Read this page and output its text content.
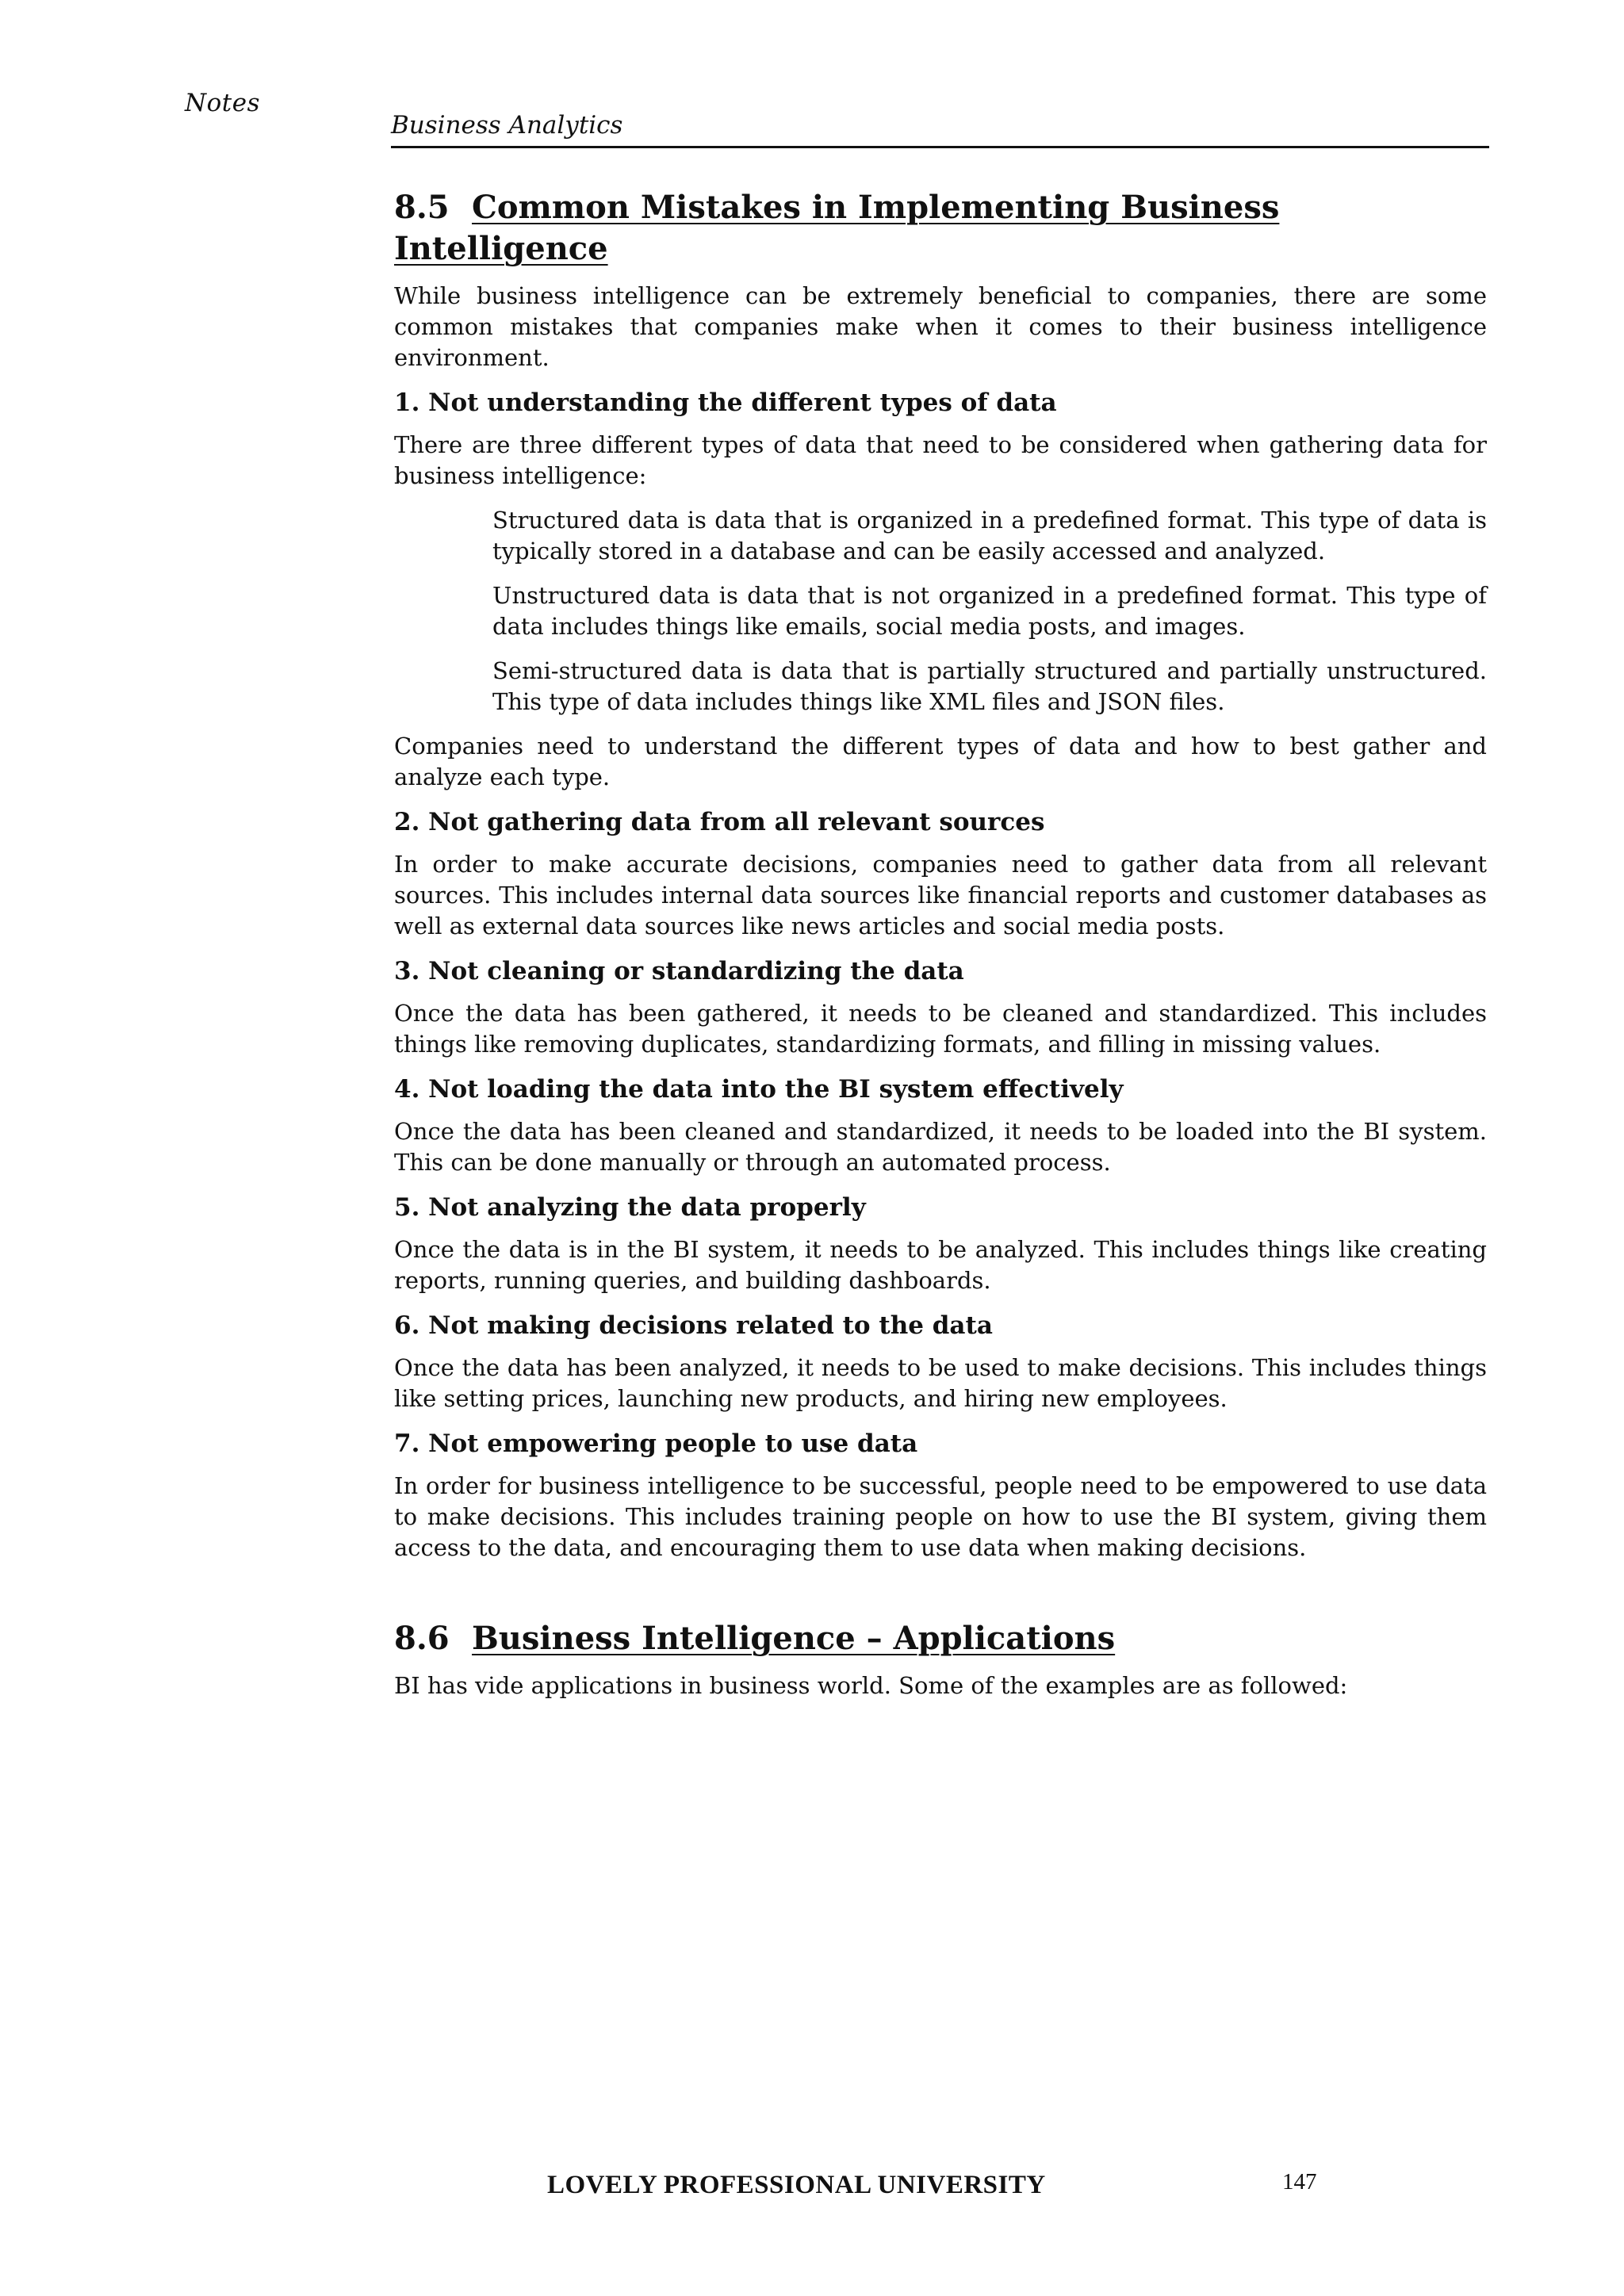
Notes
Business Analytics
8.5 Common Mistakes in Implementing Business Intelligence

While business intelligence can be extremely beneficial to companies, there are some common mistakes that companies make when it comes to their business intelligence environment.

1. Not understanding the different types of data

There are three different types of data that need to be considered when gathering data for business intelligence:

Structured data is data that is organized in a predefined format. This type of data is typically stored in a database and can be easily accessed and analyzed.
Unstructured data is data that is not organized in a predefined format. This type of data includes things like emails, social media posts, and images.
Semi-structured data is data that is partially structured and partially unstructured. This type of data includes things like XML files and JSON files.

Companies need to understand the different types of data and how to best gather and analyze each type.

2. Not gathering data from all relevant sources

In order to make accurate decisions, companies need to gather data from all relevant sources. This includes internal data sources like financial reports and customer databases as well as external data sources like news articles and social media posts.

3. Not cleaning or standardizing the data

Once the data has been gathered, it needs to be cleaned and standardized. This includes things like removing duplicates, standardizing formats, and filling in missing values.

4. Not loading the data into the BI system effectively

Once the data has been cleaned and standardized, it needs to be loaded into the BI system. This can be done manually or through an automated process.

5. Not analyzing the data properly

Once the data is in the BI system, it needs to be analyzed. This includes things like creating reports, running queries, and building dashboards.

6. Not making decisions related to the data

Once the data has been analyzed, it needs to be used to make decisions. This includes things like setting prices, launching new products, and hiring new employees.

7. Not empowering people to use data

In order for business intelligence to be successful, people need to be empowered to use data to make decisions. This includes training people on how to use the BI system, giving them access to the data, and encouraging them to use data when making decisions.

8.6 Business Intelligence – Applications

BI has vide applications in business world. Some of the examples are as followed:

LOVELY PROFESSIONAL UNIVERSITY	147
